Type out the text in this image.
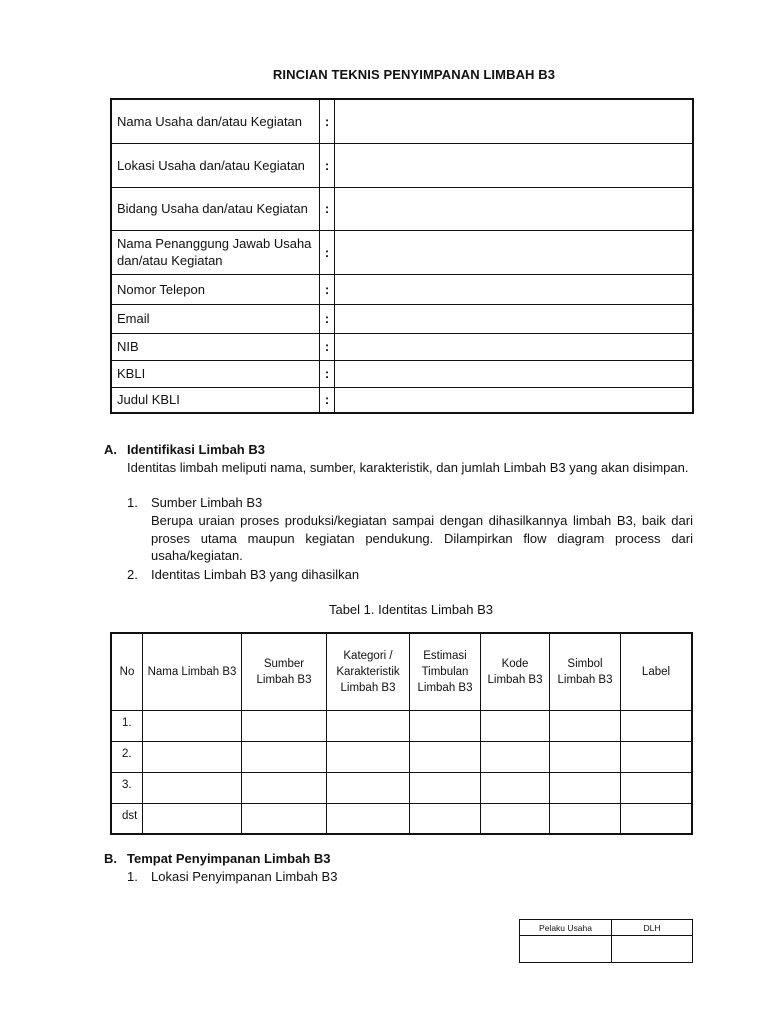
RINCIAN TEKNIS PENYIMPANAN LIMBAH B3
Nama Usaha dan/atau Kegiatan	:	
Lokasi Usaha dan/atau Kegiatan	:	
Bidang Usaha dan/atau Kegiatan	:	
Nama Penanggung Jawab Usaha dan/atau Kegiatan	:	
Nomor Telepon	:	
Email	:	
NIB	:	
KBLI	:	
Judul KBLI	:	
A. Identifikasi Limbah B3
Identitas limbah meliputi nama, sumber, karakteristik, dan jumlah Limbah B3 yang akan disimpan.
1. Sumber Limbah B3
Berupa uraian proses produksi/kegiatan sampai dengan dihasilkannya limbah B3, baik dari proses utama maupun kegiatan pendukung. Dilampirkan flow diagram process dari usaha/kegiatan.
2. Identitas Limbah B3 yang dihasilkan
Tabel 1. Identitas Limbah B3
No	Nama Limbah B3	Sumber Limbah B3	Kategori / Karakteristik Limbah B3	Estimasi Timbulan Limbah B3	Kode Limbah B3	Simbol Limbah B3	Label
1.							
2.							
3.							
dst							
B. Tempat Penyimpanan Limbah B3
1. Lokasi Penyimpanan Limbah B3
Pelaku Usaha	DLH
